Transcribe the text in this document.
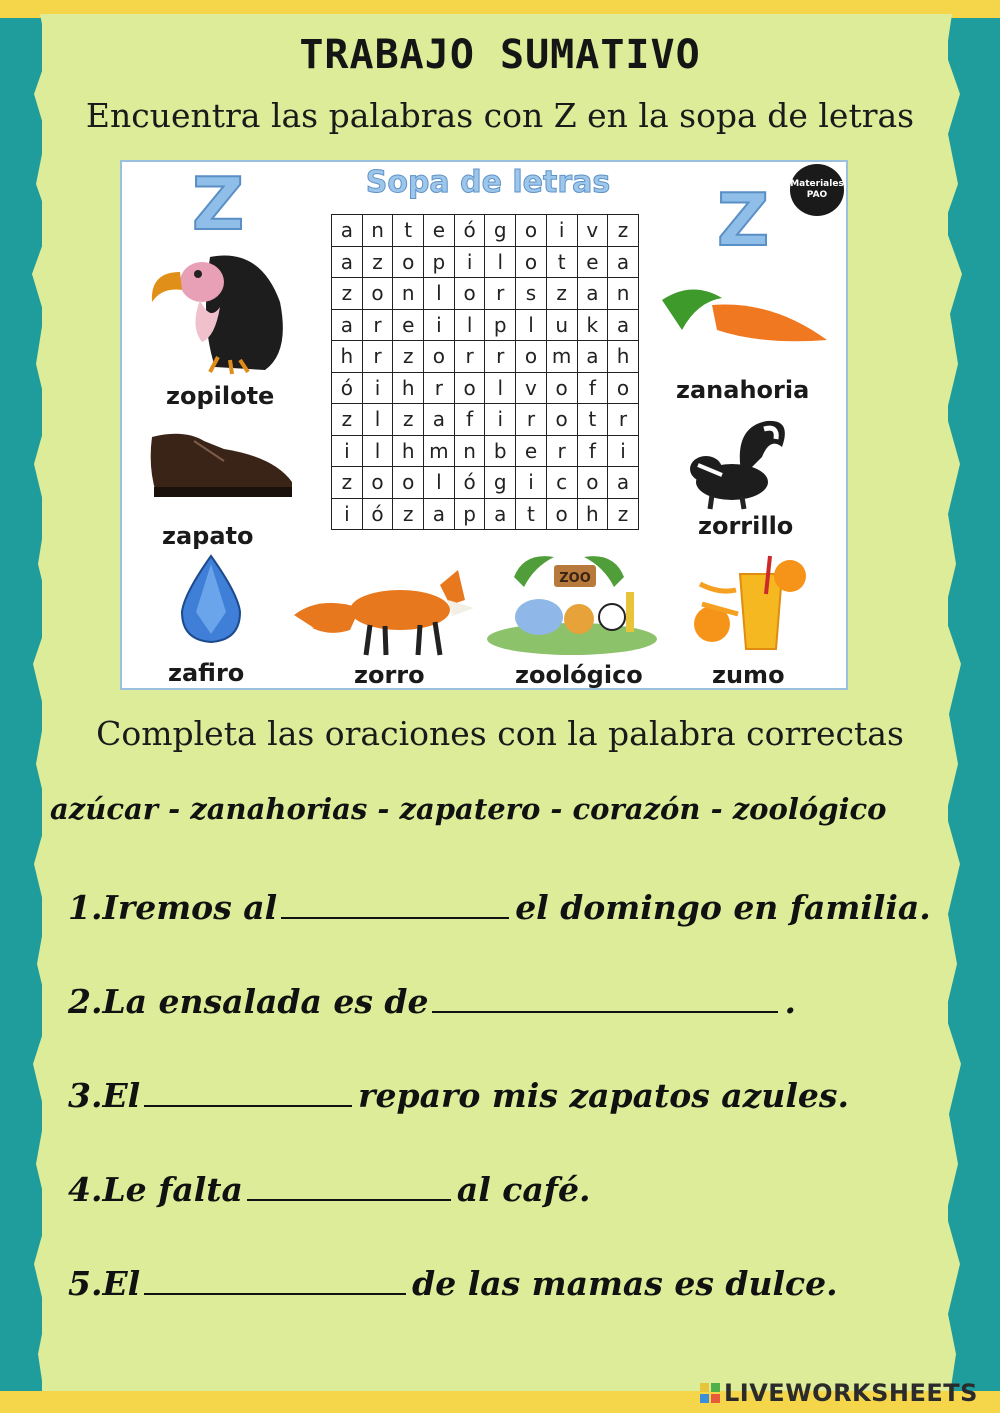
TRABAJO SUMATIVO
Encuentra las palabras con Z en la sopa de letras
Z	Z
Sopa de letras	Materiales
PAO
a	n	t	e	ó	g	o	i	v	z
a	z	o	p	i	l	o	t	e	a
z	o	n	l	o	r	s	z	a	n
a	r	e	i	l	p	l	u	k	a
h	r	z	o	r	r	o	m	a	h
ó	i	h	r	o	l	v	o	f	o
z	l	z	a	f	i	r	o	t	r
i	l	h	m	n	b	e	r	f	i
z	o	o	l	ó	g	i	c	o	a
i	ó	z	a	p	a	t	o	h	z
ZOO
zopilote
zapato
zafiro	zorro	zoológico	zumo
zanahoria
zorrillo
Completa las oraciones con la palabra correctas
azúcar - zanahorias - zapatero - corazón - zoológico
1.Iremos al	el domingo en familia.
2.La ensalada es de	.
3.El	reparo mis zapatos azules.
4.Le falta	al café.
5.El	de las mamas es dulce.
LIVEWORKSHEETS
